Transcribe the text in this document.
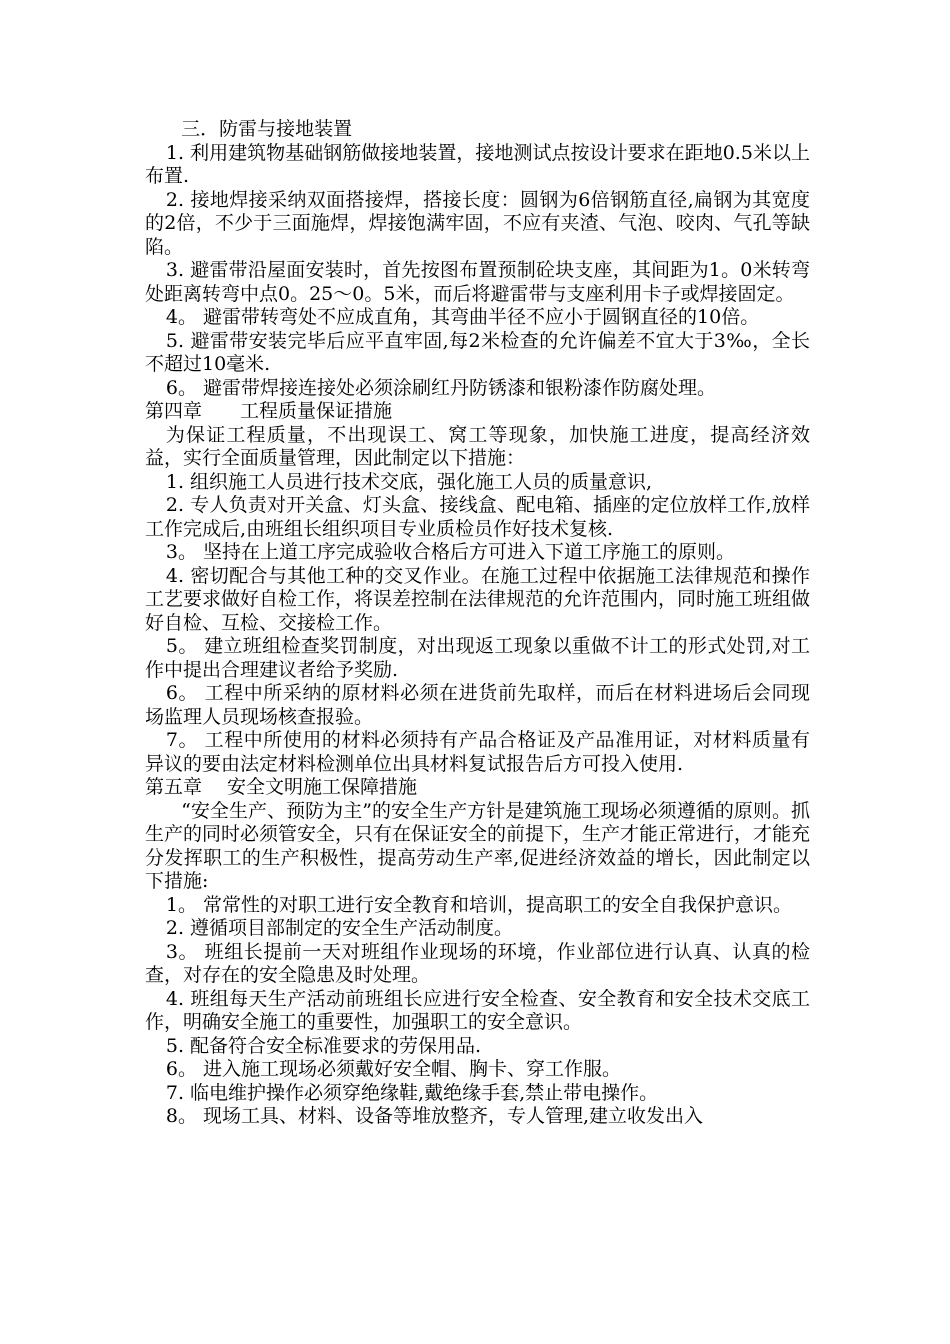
三．防雷与接地装置

1. 利用建筑物基础钢筋做接地装置，接地测试点按设计要求在距地0.5米以上布置.

2. 接地焊接采纳双面搭接焊，搭接长度：圆钢为6倍钢筋直径,扁钢为其宽度的2倍，不少于三面施焊，焊接饱满牢固，不应有夹渣、气泡、咬肉、气孔等缺陷。

3. 避雷带沿屋面安装时，首先按图布置预制砼块支座，其间距为1。0米转弯处距离转弯中点0。25～0。5米，而后将避雷带与支座利用卡子或焊接固定。

4。 避雷带转弯处不应成直角，其弯曲半径不应小于圆钢直径的10倍。

5. 避雷带安装完毕后应平直牢固,每2米检查的允许偏差不宜大于3‰，全长不超过10毫米.

6。 避雷带焊接连接处必须涂刷红丹防锈漆和银粉漆作防腐处理。

第四章　　工程质量保证措施

为保证工程质量，不出现误工、窝工等现象，加快施工进度，提高经济效益，实行全面质量管理，因此制定以下措施：

1. 组织施工人员进行技术交底，强化施工人员的质量意识,

2. 专人负责对开关盒、灯头盒、接线盒、配电箱、插座的定位放样工作,放样工作完成后,由班组长组织项目专业质检员作好技术复核.

3。 坚持在上道工序完成验收合格后方可进入下道工序施工的原则。

4. 密切配合与其他工种的交叉作业。在施工过程中依据施工法律规范和操作工艺要求做好自检工作，将误差控制在法律规范的允许范围内，同时施工班组做好自检、互检、交接检工作。

5。 建立班组检查奖罚制度，对出现返工现象以重做不计工的形式处罚,对工作中提出合理建议者给予奖励.

6。 工程中所采纳的原材料必须在进货前先取样，而后在材料进场后会同现场监理人员现场核查报验。

7。 工程中所使用的材料必须持有产品合格证及产品准用证，对材料质量有异议的要由法定材料检测单位出具材料复试报告后方可投入使用.

第五章　 安全文明施工保障措施

“安全生产、预防为主”的安全生产方针是建筑施工现场必须遵循的原则。抓生产的同时必须管安全，只有在保证安全的前提下，生产才能正常进行，才能充分发挥职工的生产积极性，提高劳动生产率,促进经济效益的增长，因此制定以下措施:

1。 常常性的对职工进行安全教育和培训，提高职工的安全自我保护意识。

2. 遵循项目部制定的安全生产活动制度。

3。 班组长提前一天对班组作业现场的环境，作业部位进行认真、认真的检查，对存在的安全隐患及时处理。

4. 班组每天生产活动前班组长应进行安全检查、安全教育和安全技术交底工作，明确安全施工的重要性，加强职工的安全意识。

5. 配备符合安全标准要求的劳保用品.

6。 进入施工现场必须戴好安全帽、胸卡、穿工作服。

7. 临电维护操作必须穿绝缘鞋,戴绝缘手套,禁止带电操作。

8。 现场工具、材料、设备等堆放整齐，专人管理,建立收发出入
